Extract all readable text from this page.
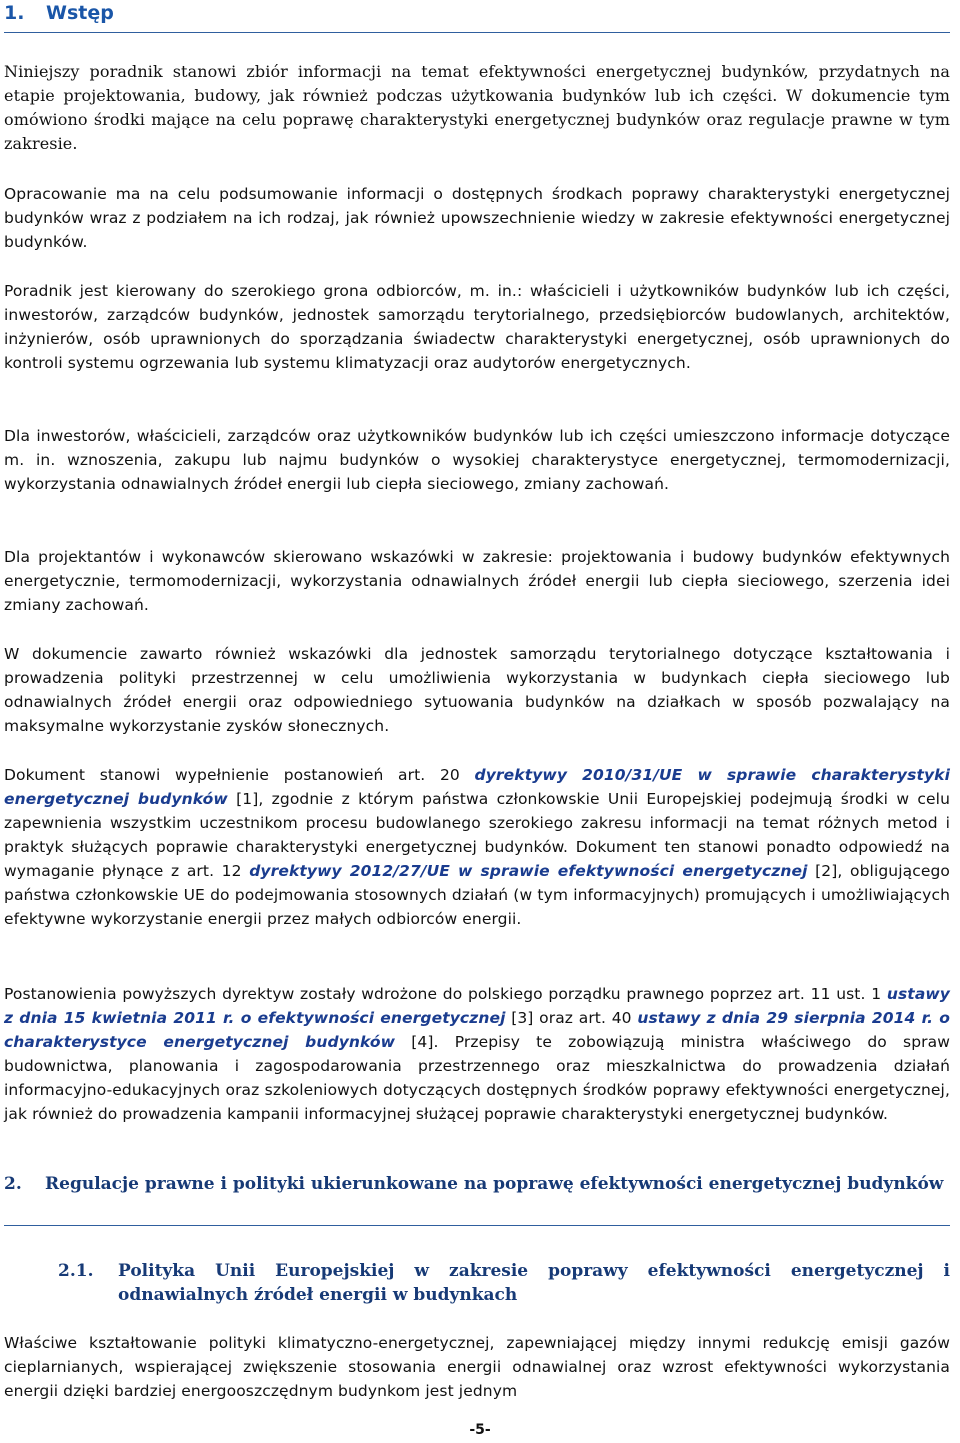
1. Wstęp

Niniejszy poradnik stanowi zbiór informacji na temat efektywności energetycznej budynków, przydatnych na etapie projektowania, budowy, jak również podczas użytkowania budynków lub ich części. W dokumencie tym omówiono środki mające na celu poprawę charakterystyki energetycznej budynków oraz regulacje prawne w tym zakresie.

Opracowanie ma na celu podsumowanie informacji o dostępnych środkach poprawy charakterystyki energetycznej budynków wraz z podziałem na ich rodzaj, jak również upowszechnienie wiedzy w zakresie efektywności energetycznej budynków.

Poradnik jest kierowany do szerokiego grona odbiorców, m. in.: właścicieli i użytkowników budynków lub ich części, inwestorów, zarządców budynków, jednostek samorządu terytorialnego, przedsiębiorców budowlanych, architektów, inżynierów, osób uprawnionych do sporządzania świadectw charakterystyki energetycznej, osób uprawnionych do kontroli systemu ogrzewania lub systemu klimatyzacji oraz audytorów energetycznych.

Dla inwestorów, właścicieli, zarządców oraz użytkowników budynków lub ich części umieszczono informacje dotyczące m. in. wznoszenia, zakupu lub najmu budynków o wysokiej charakterystyce energetycznej, termomodernizacji, wykorzystania odnawialnych źródeł energii lub ciepła sieciowego, zmiany zachowań.

Dla projektantów i wykonawców skierowano wskazówki w zakresie: projektowania i budowy budynków efektywnych energetycznie, termomodernizacji, wykorzystania odnawialnych źródeł energii lub ciepła sieciowego, szerzenia idei zmiany zachowań.

W dokumencie zawarto również wskazówki dla jednostek samorządu terytorialnego dotyczące kształtowania i prowadzenia polityki przestrzennej w celu umożliwienia wykorzystania w budynkach ciepła sieciowego lub odnawialnych źródeł energii oraz odpowiedniego sytuowania budynków na działkach w sposób pozwalający na maksymalne wykorzystanie zysków słonecznych.

Dokument stanowi wypełnienie postanowień art. 20 dyrektywy 2010/31/UE w sprawie charakterystyki energetycznej budynków [1], zgodnie z którym państwa członkowskie Unii Europejskiej podejmują środki w celu zapewnienia wszystkim uczestnikom procesu budowlanego szerokiego zakresu informacji na temat różnych metod i praktyk służących poprawie charakterystyki energetycznej budynków. Dokument ten stanowi ponadto odpowiedź na wymaganie płynące z art. 12 dyrektywy 2012/27/UE w sprawie efektywności energetycznej [2], obligującego państwa członkowskie UE do podejmowania stosownych działań (w tym informacyjnych) promujących i umożliwiających efektywne wykorzystanie energii przez małych odbiorców energii.

Postanowienia powyższych dyrektyw zostały wdrożone do polskiego porządku prawnego poprzez art. 11 ust. 1 ustawy z dnia 15 kwietnia 2011 r. o efektywności energetycznej [3] oraz art. 40 ustawy z dnia 29 sierpnia 2014 r. o charakterystyce energetycznej budynków [4]. Przepisy te zobowiązują ministra właściwego do spraw budownictwa, planowania i zagospodarowania przestrzennego oraz mieszkalnictwa do prowadzenia działań informacyjno-edukacyjnych oraz szkoleniowych dotyczących dostępnych środków poprawy efektywności energetycznej, jak również do prowadzenia kampanii informacyjnej służącej poprawie charakterystyki energetycznej budynków.

2. Regulacje prawne i polityki ukierunkowane na poprawę efektywności energetycznej budynków
2.1. Polityka Unii Europejskiej w zakresie poprawy efektywności energetycznej i odnawialnych źródeł energii w budynkach

Właściwe kształtowanie polityki klimatyczno-energetycznej, zapewniającej między innymi redukcję emisji gazów cieplarnianych, wspierającej zwiększenie stosowania energii odnawialnej oraz wzrost efektywności wykorzystania energii dzięki bardziej energooszczędnym budynkom jest jednym

-5-
